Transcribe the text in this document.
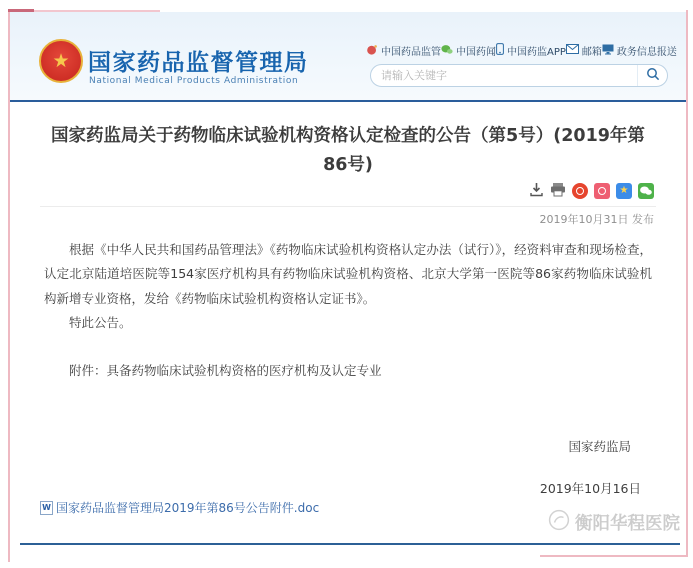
★ 国家药品监督管理局
National Medical Products Administration
中国药品监管 中国药闻 中国药监APP 邮箱 政务信息报送
请输入关键字
国家药监局关于药物临床试验机构资格认定检查的公告（第5号）(2019年第86号)
★
2019年10月31日 发布

根据《中华人民共和国药品管理法》《药物临床试验机构资格认定办法（试行）》，经资料审查和现场检查，认定北京陆道培医院等154家医疗机构具有药物临床试验机构资格、北京大学第一医院等86家药物临床试验机构新增专业资格，发给《药物临床试验机构资格认定证书》。

特此公告。

附件：具备药物临床试验机构资格的医疗机构及认定专业

国家药监局
2019年10月16日
W 国家药品监督管理局2019年第86号公告附件.doc
衡阳华程医院
